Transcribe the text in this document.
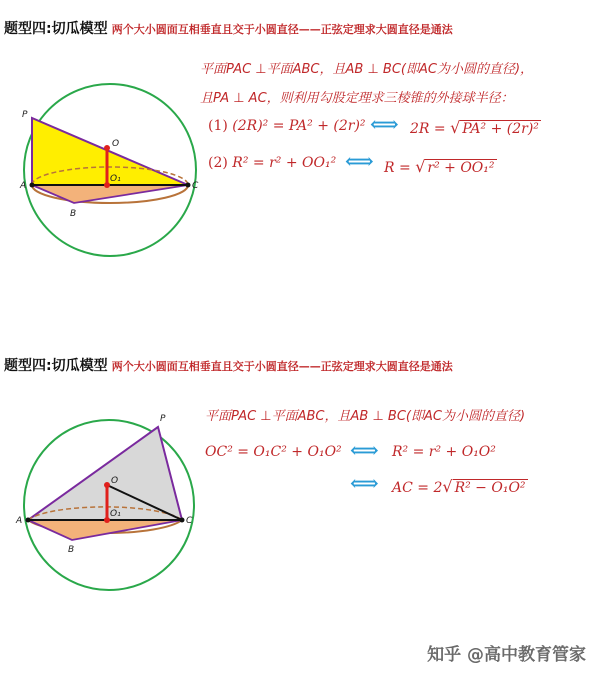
题型四:切瓜模型 两个大小圆面互相垂直且交于小圆直径——正弦定理求大圆直径是通法
P
O
O₁
A
B
C
平面PAC ⊥平面ABC，且AB ⊥ BC(即AC为小圆的直径)，
且PA ⊥ AC，则利用勾股定理求三棱锥的外接球半径：
(1) (2R)² = PA² + (2r)² ⟺ 2R = √ PA² + (2r)²
(2) R² = r² + OO₁² ⟺ R = √ r² + OO₁²
题型四:切瓜模型 两个大小圆面互相垂直且交于小圆直径——正弦定理求大圆直径是通法
P
O
O₁
A
B
C
平面PAC ⊥平面ABC，且AB ⊥ BC(即AC为小圆的直径)
OC² = O₁C² + O₁O² ⟺ R² = r² + O₁O²
⟺ AC = 2√ R² − O₁O²
知乎 @高中教育管家
